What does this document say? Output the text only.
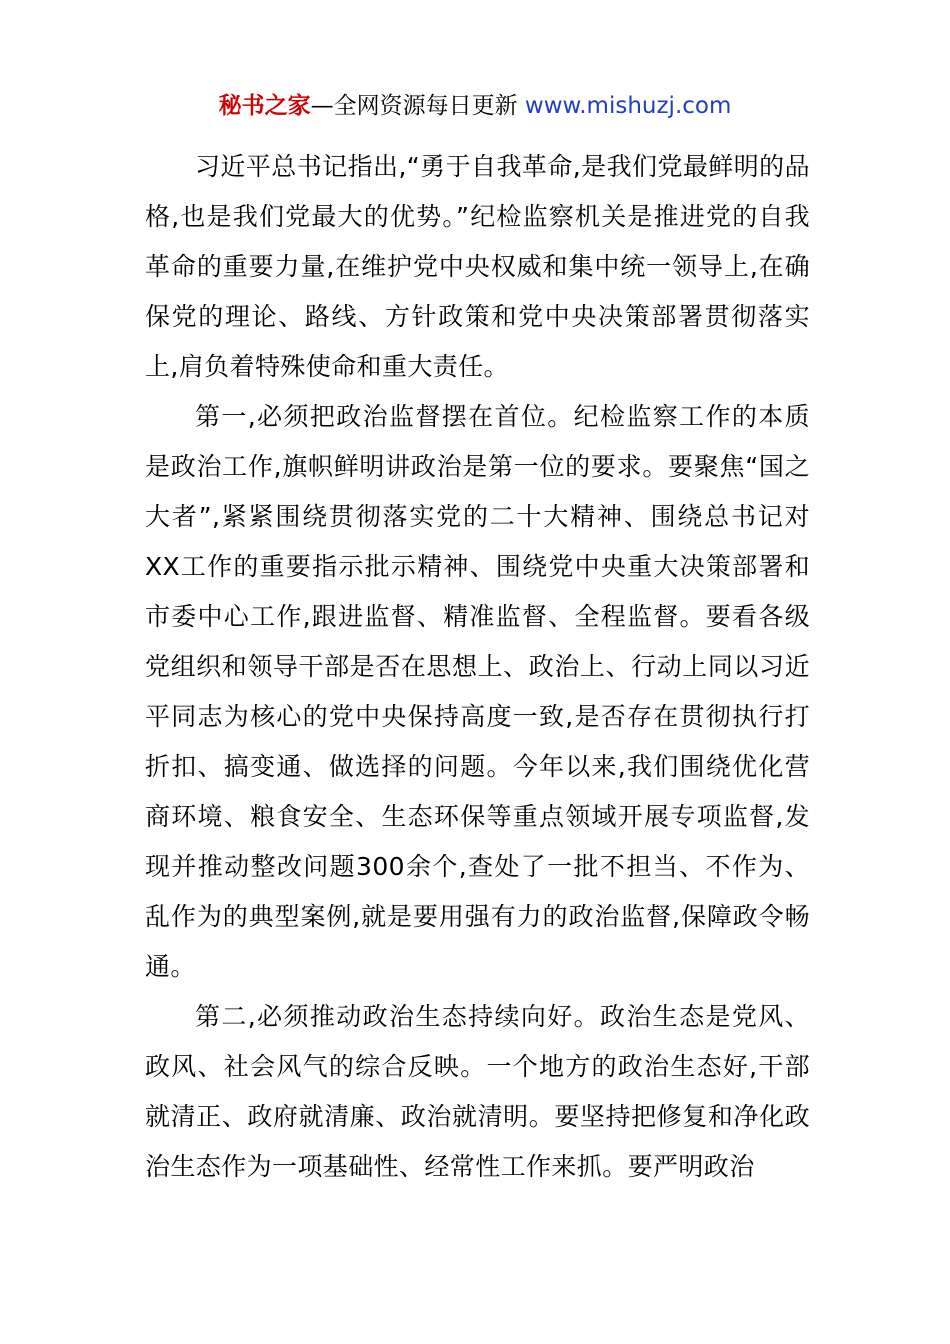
秘书之家—全网资源每日更新 www.mishuzj.com

习近平总书记指出,“勇于自我革命,是我们党最鲜明的品格,也是我们党最大的优势。”纪检监察机关是推进党的自我革命的重要力量,在维护党中央权威和集中统一领导上,在确保党的理论、路线、方针政策和党中央决策部署贯彻落实上,肩负着特殊使命和重大责任。

第一,必须把政治监督摆在首位。纪检监察工作的本质是政治工作,旗帜鲜明讲政治是第一位的要求。要聚焦“国之大者”,紧紧围绕贯彻落实党的二十大精神、围绕总书记对XX工作的重要指示批示精神、围绕党中央重大决策部署和市委中心工作,跟进监督、精准监督、全程监督。要看各级党组织和领导干部是否在思想上、政治上、行动上同以习近平同志为核心的党中央保持高度一致,是否存在贯彻执行打折扣、搞变通、做选择的问题。今年以来,我们围绕优化营商环境、粮食安全、生态环保等重点领域开展专项监督,发现并推动整改问题300余个,查处了一批不担当、不作为、乱作为的典型案例,就是要用强有力的政治监督,保障政令畅通。

第二,必须推动政治生态持续向好。政治生态是党风、政风、社会风气的综合反映。一个地方的政治生态好,干部就清正、政府就清廉、政治就清明。要坚持把修复和净化政治生态作为一项基础性、经常性工作来抓。要严明政治
